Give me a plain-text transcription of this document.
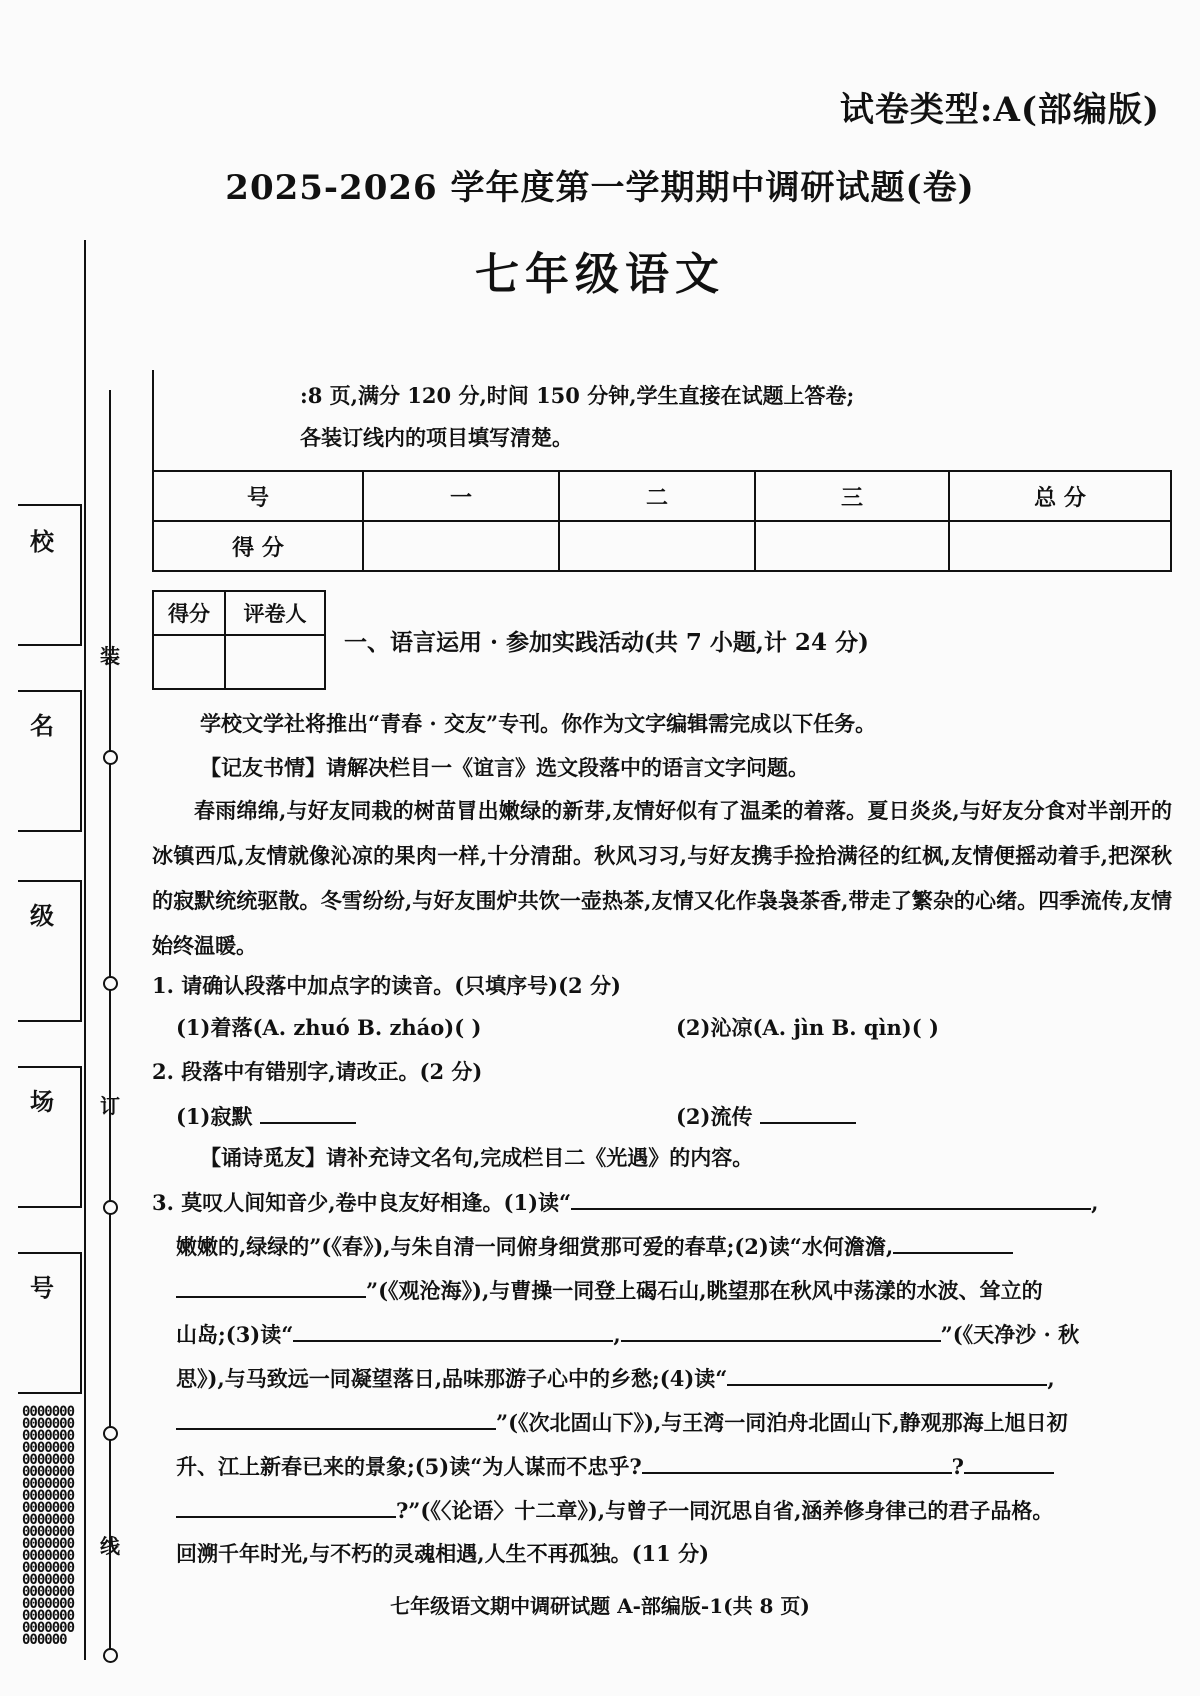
试卷类型:A(部编版)
2025-2026 学年度第一学期期中调研试题(卷)
七年级语文
:8 页,满分 120 分,时间 150 分钟,学生直接在试题上答卷;
各装订线内的项目填写清楚。
校
名
级
场
号
装
订
线
0000000000000000000000000000000000000000000000000000000000000000000000000000000000000000000000000000000000000000000000000000000000000000000
号	一	二	三	总 分
得 分				
得分	评卷人

一、语言运用 · 参加实践活动(共 7 小题,计 24 分)
学校文学社将推出“青春 · 交友”专刊。你作为文字编辑需完成以下任务。
【记友书情】请解决栏目一《谊言》选文段落中的语言文字问题。
春雨绵绵,与好友同栽的树苗冒出嫩绿的新芽,友情好似有了温柔的着落。夏日炎炎,与好友分食对半剖开的冰镇西瓜,友情就像沁凉的果肉一样,十分清甜。秋风习习,与好友携手捡拾满径的红枫,友情便摇动着手,把深秋的寂默统统驱散。冬雪纷纷,与好友围炉共饮一壶热茶,友情又化作袅袅茶香,带走了繁杂的心绪。四季流传,友情始终温暖。
1. 请确认段落中加点字的读音。(只填序号)(2 分)
(1)着落(A. zhuó B. zháo)( )	(2)沁凉(A. jìn B. qìn)( )
2. 段落中有错别字,请改正。(2 分)
(1)寂默	(2)流传
【诵诗觅友】请补充诗文名句,完成栏目二《光遇》的内容。
3. 莫叹人间知音少,卷中良友好相逢。(1)读“	,
嫩嫩的,绿绿的”(《春》),与朱自清一同俯身细赏那可爱的春草;(2)读“水何澹澹,
”(《观沧海》),与曹操一同登上碣石山,眺望那在秋风中荡漾的水波、耸立的
山岛;(3)读“	,	”(《天净沙 · 秋
思》),与马致远一同凝望落日,品味那游子心中的乡愁;(4)读“	,
”(《次北固山下》),与王湾一同泊舟北固山下,静观那海上旭日初
升、江上新春已来的景象;(5)读“为人谋而不忠乎?	?
?”(《〈论语〉十二章》),与曾子一同沉思自省,涵养修身律己的君子品格。
回溯千年时光,与不朽的灵魂相遇,人生不再孤独。(11 分)
七年级语文期中调研试题 A-部编版-1(共 8 页)
